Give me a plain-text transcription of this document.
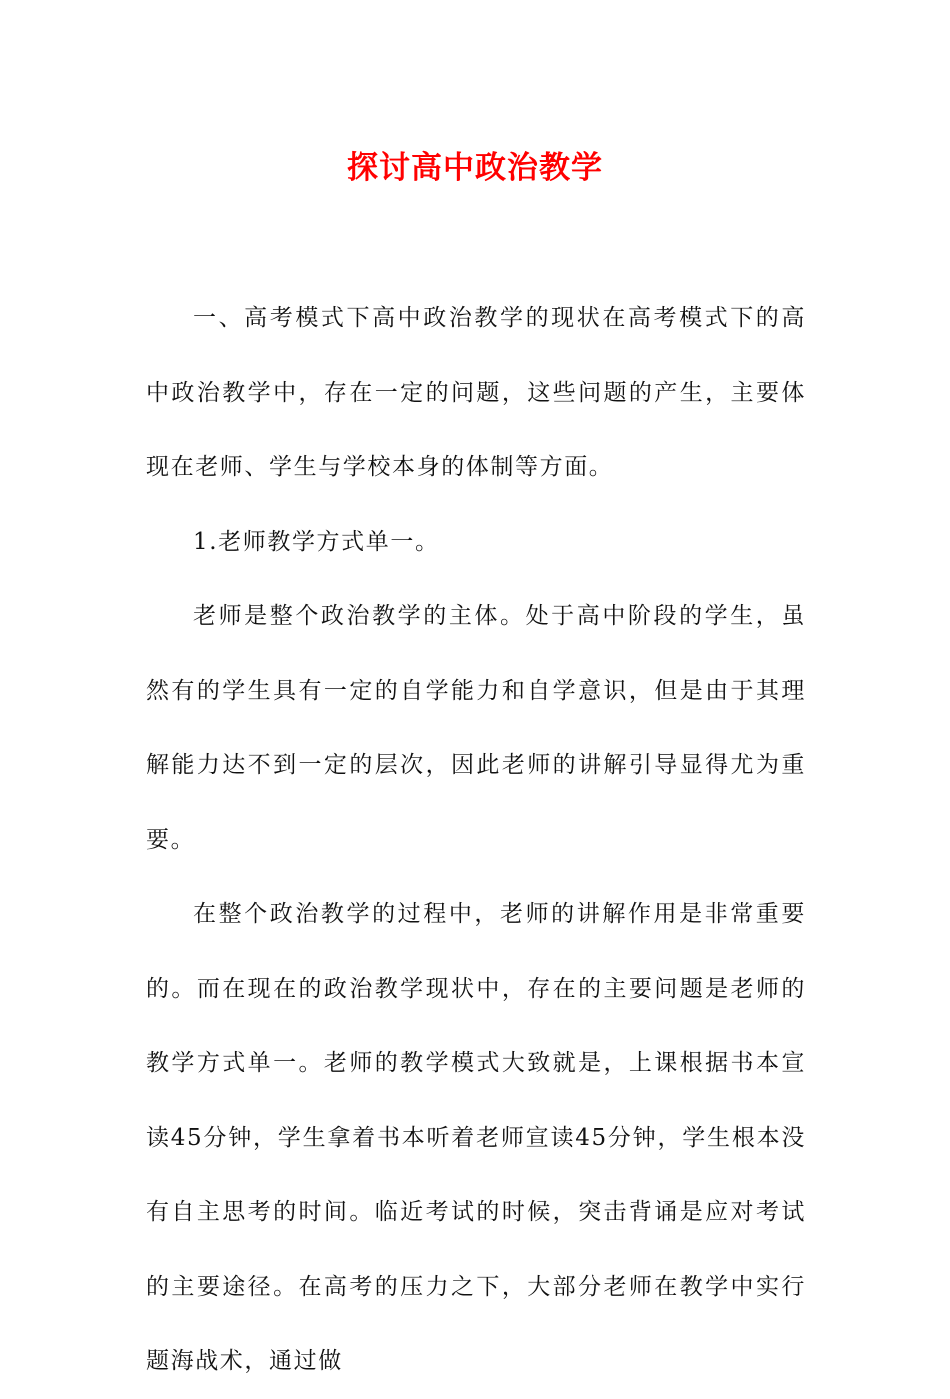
探讨高中政治教学

一、高考模式下高中政治教学的现状在高考模式下的高中政治教学中，存在一定的问题，这些问题的产生，主要体现在老师、学生与学校本身的体制等方面。

1.老师教学方式单一。

老师是整个政治教学的主体。处于高中阶段的学生，虽然有的学生具有一定的自学能力和自学意识，但是由于其理解能力达不到一定的层次，因此老师的讲解引导显得尤为重要。

在整个政治教学的过程中，老师的讲解作用是非常重要的。而在现在的政治教学现状中，存在的主要问题是老师的教学方式单一。老师的教学模式大致就是，上课根据书本宣读45分钟，学生拿着书本听着老师宣读45分钟，学生根本没有自主思考的时间。临近考试的时候，突击背诵是应对考试的主要途径。在高考的压力之下，大部分老师在教学中实行题海战术，通过做
